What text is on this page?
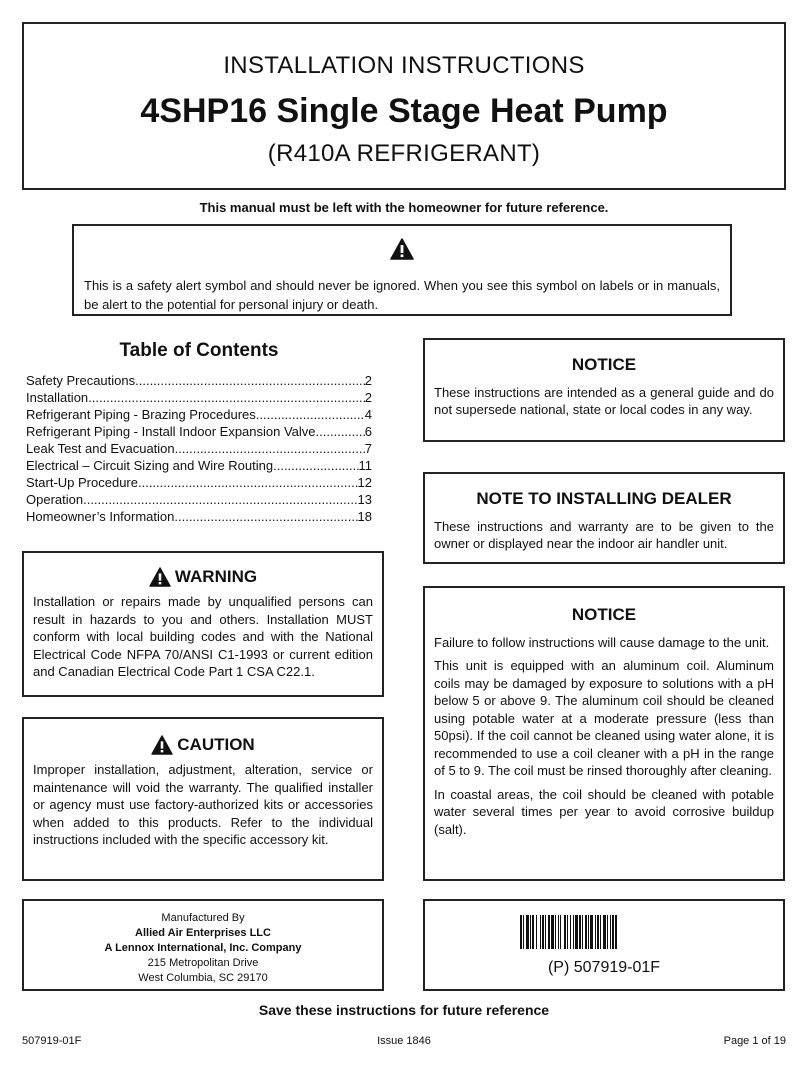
INSTALLATION INSTRUCTIONS
4SHP16 Single Stage Heat Pump
(R410A REFRIGERANT)
This manual must be left with the homeowner for future reference.
This is a safety alert symbol and should never be ignored. When you see this symbol on labels or in manuals, be alert to the potential for personal injury or death.
Table of Contents
Safety Precautions .....	2
Installation .....	2
Refrigerant Piping - Brazing Procedures .....	4
Refrigerant Piping - Install Indoor Expansion Valve .....	6
Leak Test and Evacuation .....	7
Electrical – Circuit Sizing and Wire Routing .....	11
Start-Up Procedure .....	12
Operation .....	13
Homeowner’s Information .....	18
WARNING
Installation or repairs made by unqualified persons can result in hazards to you and others. Installation MUST conform with local building codes and with the National Electrical Code NFPA 70/ANSI C1-1993 or current edition and Canadian Electrical Code Part 1 CSA C22.1.
CAUTION
Improper installation, adjustment, alteration, service or maintenance will void the warranty. The qualified installer or agency must use factory-authorized kits or accessories when added to this products. Refer to the individual instructions included with the specific accessory kit.
NOTICE
These instructions are intended as a general guide and do not supersede national, state or local codes in any way.
NOTE TO INSTALLING DEALER
These instructions and warranty are to be given to the owner or displayed near the indoor air handler unit.
NOTICE

Failure to follow instructions will cause damage to the unit.

This unit is equipped with an aluminum coil. Aluminum coils may be damaged by exposure to solutions with a pH below 5 or above 9. The aluminum coil should be cleaned using potable water at a moderate pressure (less than 50psi). If the coil cannot be cleaned using water alone, it is recommended to use a coil cleaner with a pH in the range of 5 to 9. The coil must be rinsed thoroughly after cleaning.

In coastal areas, the coil should be cleaned with potable water several times per year to avoid corrosive buildup (salt).

Manufactured By
Allied Air Enterprises LLC
A Lennox International, Inc. Company
215 Metropolitan Drive
West Columbia, SC 29170
(P) 507919-01F
Save these instructions for future reference
507919-01F	Issue 1846	Page 1 of 19
